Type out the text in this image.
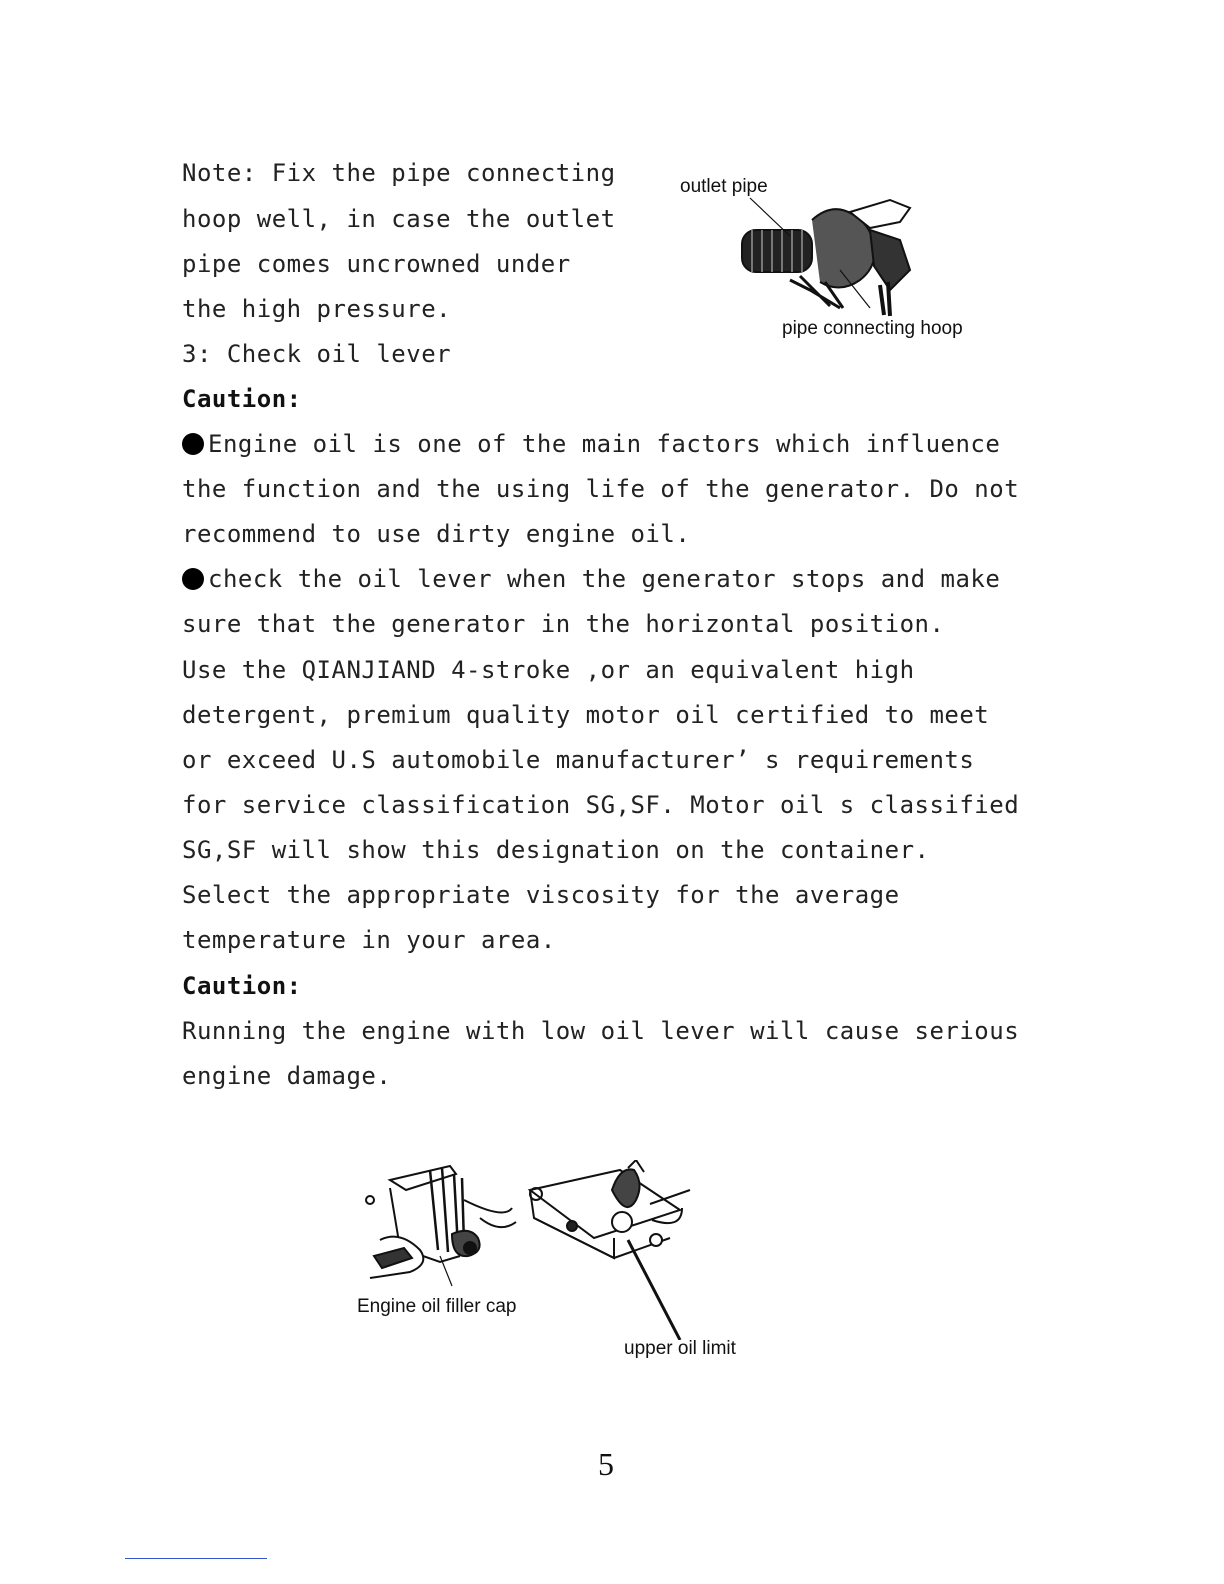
outlet pipe
pipe connecting hoop
Note: Fix the pipe connecting
hoop well, in case the outlet
pipe comes uncrowned under
the high pressure.
3: Check oil lever
Caution:
Engine oil is one of the main factors which influence
the function and the using life of the generator. Do not
recommend to use dirty engine oil.
check the oil lever when the generator stops and make
sure that the generator in the horizontal position.
Use the QIANJIAND 4-stroke ,or an equivalent high
detergent, premium quality motor oil certified to meet
or exceed U.S automobile manufacturer’ s requirements
for service classification SG,SF. Motor oil s classified
SG,SF will show this designation on the container.
Select the appropriate viscosity for the average
temperature in your area.
Caution:
Running the engine with low oil lever will cause serious
engine damage.
Engine oil filler cap
upper oil limit
5
